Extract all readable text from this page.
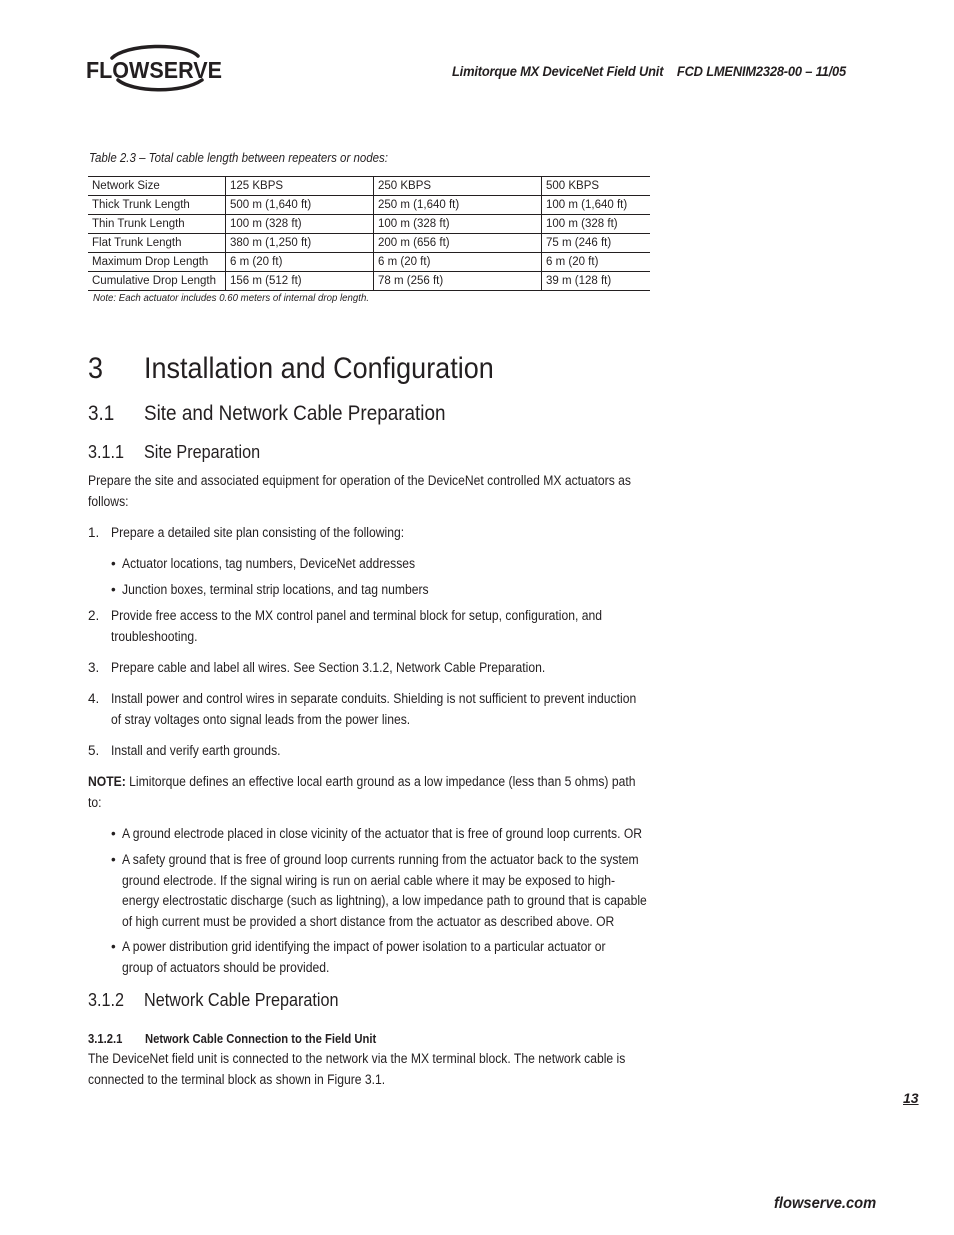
FLOWSERVE	Limitorque MX DeviceNet Field Unit    FCD LMENIM2328-00 – 11/05
Table 2.3 – Total cable length between repeaters or nodes:
Network Size	125 KBPS	250 KBPS	500 KBPS
Thick Trunk Length	500 m (1,640 ft)	250 m (1,640 ft)	100 m (1,640 ft)
Thin Trunk Length	100 m (328 ft)	100 m (328 ft)	100 m (328 ft)
Flat Trunk Length	380 m (1,250 ft)	200 m (656 ft)	75 m (246 ft)
Maximum Drop Length	6 m (20 ft)	6 m (20 ft)	6 m (20 ft)
Cumulative Drop Length	156 m (512 ft)	78 m (256 ft)	39 m (128 ft)
Note: Each actuator includes 0.60 meters of internal drop length.
3 Installation and Configuration
3.1 Site and Network Cable Preparation
3.1.1 Site Preparation
Prepare the site and associated equipment for operation of the DeviceNet controlled MX actuators as
follows:
1. Prepare a detailed site plan consisting of the following:
• Actuator locations, tag numbers, DeviceNet addresses
• Junction boxes, terminal strip locations, and tag numbers
2. Provide free access to the MX control panel and terminal block for setup, configuration, and
troubleshooting.
3. Prepare cable and label all wires. See Section 3.1.2, Network Cable Preparation.
4. Install power and control wires in separate conduits. Shielding is not sufficient to prevent induction
of stray voltages onto signal leads from the power lines.
5. Install and verify earth grounds.
NOTE: Limitorque defines an effective local earth ground as a low impedance (less than 5 ohms) path
to:
• A ground electrode placed in close vicinity of the actuator that is free of ground loop currents. OR
• A safety ground that is free of ground loop currents running from the actuator back to the system
ground electrode. If the signal wiring is run on aerial cable where it may be exposed to high-
energy electrostatic discharge (such as lightning), a low impedance path to ground that is capable
of high current must be provided a short distance from the actuator as described above. OR
• A power distribution grid identifying the impact of power isolation to a particular actuator or
group of actuators should be provided.
3.1.2 Network Cable Preparation
3.1.2.1 Network Cable Connection to the Field Unit
The DeviceNet field unit is connected to the network via the MX terminal block. The network cable is
connected to the terminal block as shown in Figure 3.1.
13
flowserve.com
